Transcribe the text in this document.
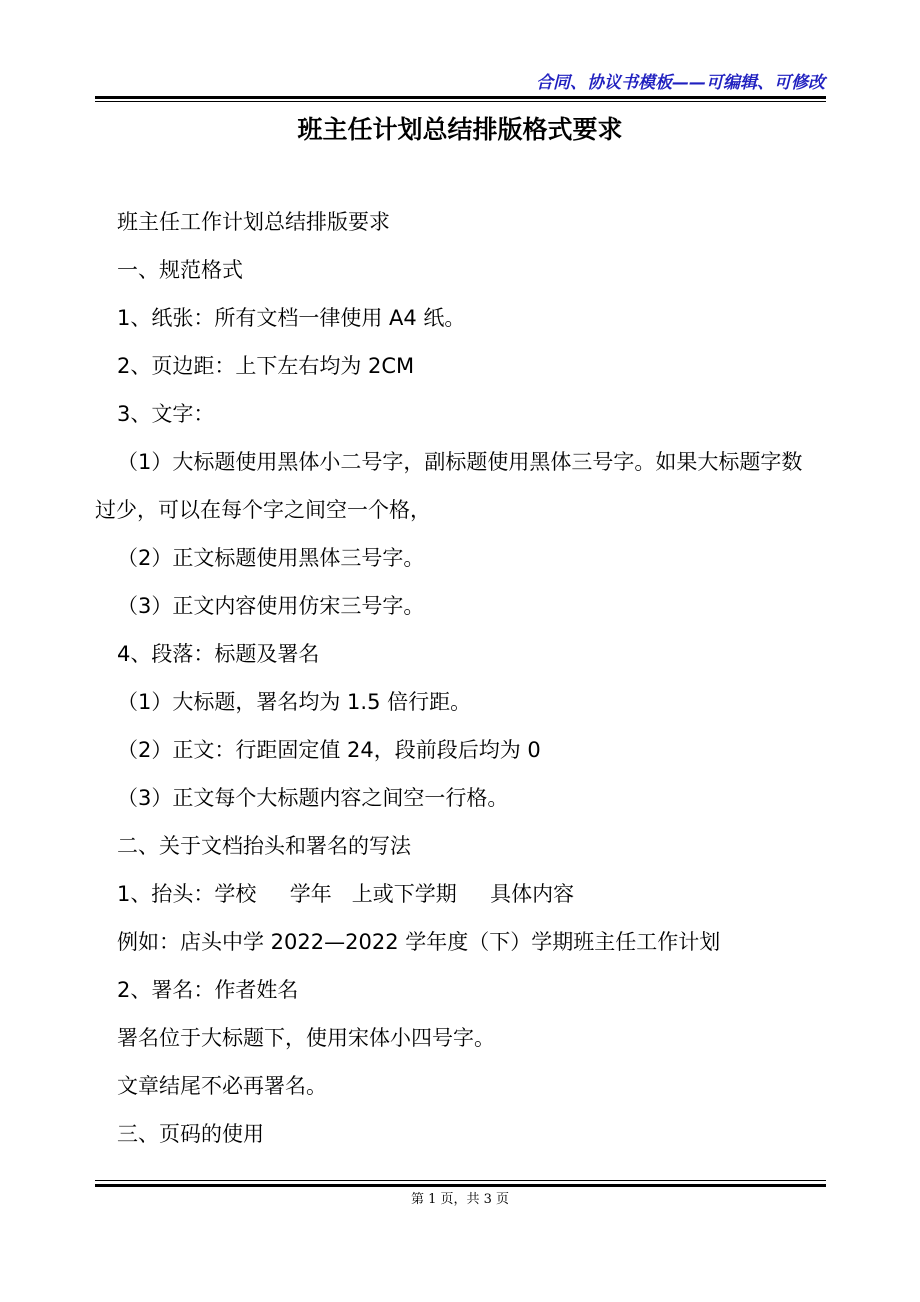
合同、协议书模板——可编辑、可修改
班主任计划总结排版格式要求
班主任工作计划总结排版要求
一、规范格式
1、纸张：所有文档一律使用 A4 纸。
2、页边距：上下左右均为 2CM
3、文字：
（1）大标题使用黑体小二号字，副标题使用黑体三号字。如果大标题字数
过少，可以在每个字之间空一个格，
（2）正文标题使用黑体三号字。
（3）正文内容使用仿宋三号字。
4、段落：标题及署名
（1）大标题，署名均为 1.5 倍行距。
（2）正文：行距固定值 24，段前段后均为 0
（3）正文每个大标题内容之间空一行格。
二、关于文档抬头和署名的写法
1、抬头：学校     学年   上或下学期     具体内容
例如：店头中学 2022—2022 学年度（下）学期班主任工作计划
2、署名：作者姓名
署名位于大标题下，使用宋体小四号字。
文章结尾不必再署名。
三、页码的使用
第 1 页，共 3 页
